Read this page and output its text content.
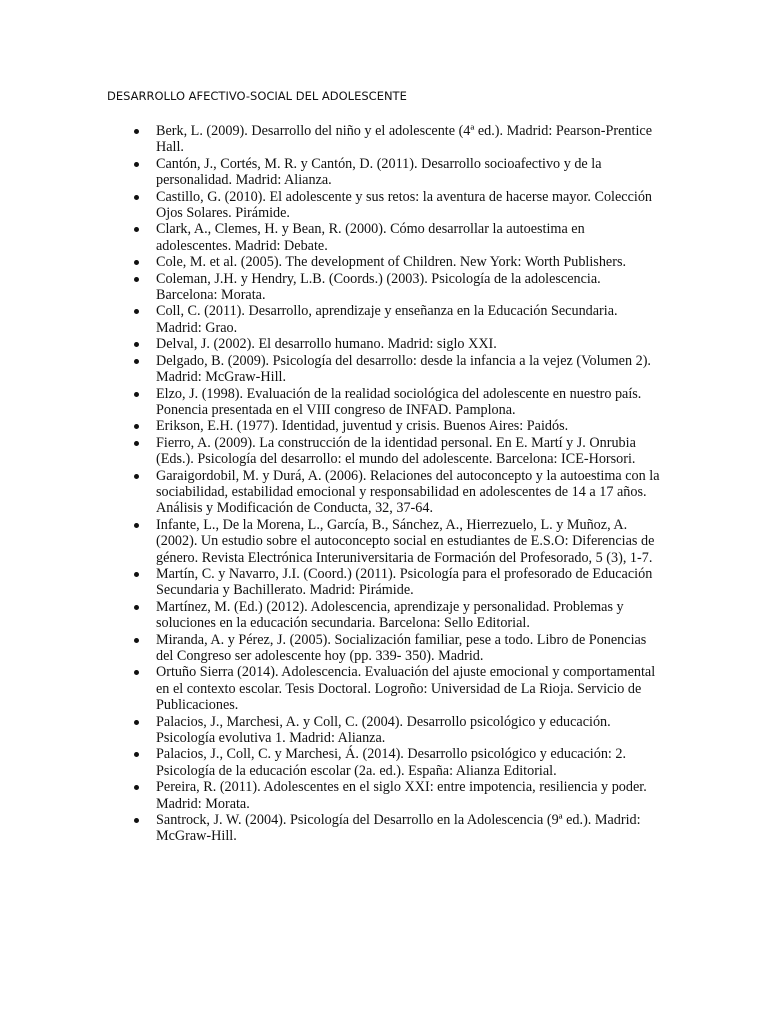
DESARROLLO AFECTIVO-SOCIAL DEL ADOLESCENTE
Berk, L. (2009). Desarrollo del niño y el adolescente (4ª ed.). Madrid: Pearson-Prentice Hall.
Cantón, J., Cortés, M. R. y Cantón, D. (2011). Desarrollo socioafectivo y de la personalidad. Madrid: Alianza.
Castillo, G. (2010). El adolescente y sus retos: la aventura de hacerse mayor. Colección Ojos Solares. Pirámide.
Clark, A., Clemes, H. y Bean, R. (2000). Cómo desarrollar la autoestima en adolescentes. Madrid: Debate.
Cole, M. et al. (2005). The development of Children. New York: Worth Publishers.
Coleman, J.H. y Hendry, L.B. (Coords.) (2003). Psicología de la adolescencia. Barcelona: Morata.
Coll, C. (2011). Desarrollo, aprendizaje y enseñanza en la Educación Secundaria. Madrid: Grao.
Delval, J. (2002). El desarrollo humano. Madrid: siglo XXI.
Delgado, B. (2009). Psicología del desarrollo: desde la infancia a la vejez (Volumen 2). Madrid: McGraw-Hill.
Elzo, J. (1998). Evaluación de la realidad sociológica del adolescente en nuestro país. Ponencia presentada en el VIII congreso de INFAD. Pamplona.
Erikson, E.H. (1977). Identidad, juventud y crisis. Buenos Aires: Paidós.
Fierro, A. (2009). La construcción de la identidad personal. En E. Martí y J. Onrubia (Eds.). Psicología del desarrollo: el mundo del adolescente. Barcelona: ICE-Horsori.
Garaigordobil, M. y Durá, A. (2006). Relaciones del autoconcepto y la autoestima con la sociabilidad, estabilidad emocional y responsabilidad en adolescentes de 14 a 17 años. Análisis y Modificación de Conducta, 32, 37-64.
Infante, L., De la Morena, L., García, B., Sánchez, A., Hierrezuelo, L. y Muñoz, A. (2002). Un estudio sobre el autoconcepto social en estudiantes de E.S.O: Diferencias de género. Revista Electrónica Interuniversitaria de Formación del Profesorado, 5 (3), 1-7.
Martín, C. y Navarro, J.I. (Coord.) (2011). Psicología para el profesorado de Educación Secundaria y Bachillerato. Madrid: Pirámide.
Martínez, M. (Ed.) (2012). Adolescencia, aprendizaje y personalidad. Problemas y soluciones en la educación secundaria. Barcelona: Sello Editorial.
Miranda, A. y Pérez, J. (2005). Socialización familiar, pese a todo. Libro de Ponencias del Congreso ser adolescente hoy (pp. 339- 350). Madrid.
Ortuño Sierra (2014). Adolescencia. Evaluación del ajuste emocional y comportamental en el contexto escolar. Tesis Doctoral. Logroño: Universidad de La Rioja. Servicio de Publicaciones.
Palacios, J., Marchesi, A. y Coll, C. (2004). Desarrollo psicológico y educación. Psicología evolutiva 1. Madrid: Alianza.
Palacios, J., Coll, C. y Marchesi, Á. (2014). Desarrollo psicológico y educación: 2. Psicología de la educación escolar (2a. ed.). España: Alianza Editorial.
Pereira, R. (2011). Adolescentes en el siglo XXI: entre impotencia, resiliencia y poder. Madrid: Morata.
Santrock, J. W. (2004). Psicología del Desarrollo en la Adolescencia (9ª ed.). Madrid: McGraw-Hill.
